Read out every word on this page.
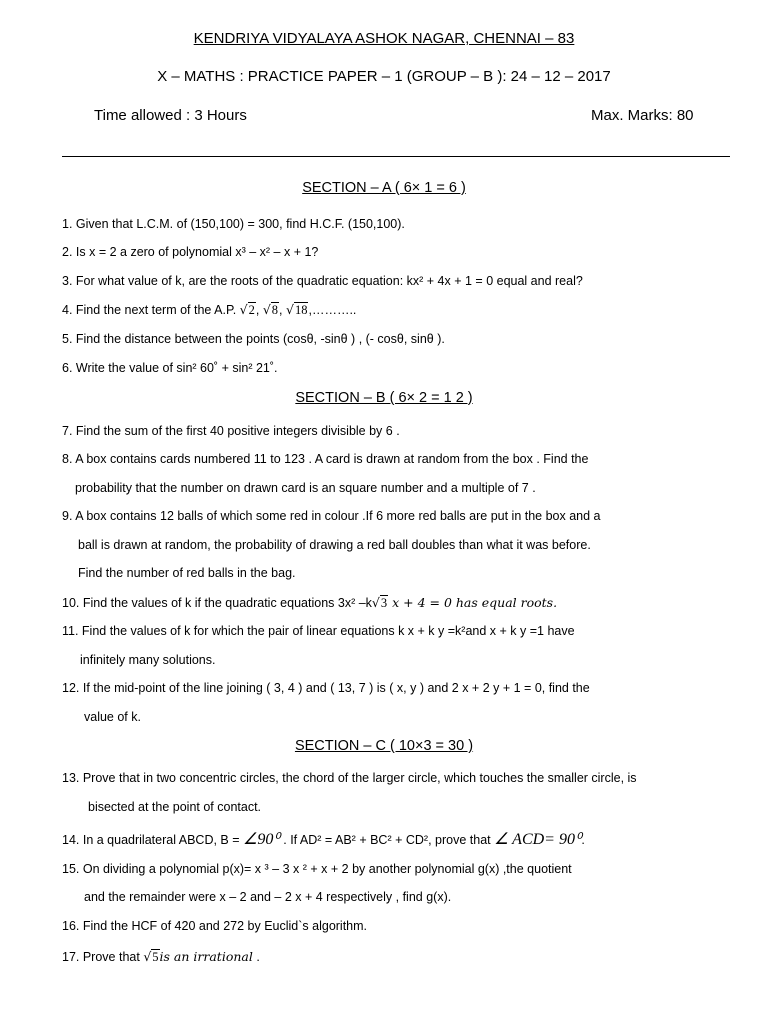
KENDRIYA VIDYALAYA ASHOK NAGAR, CHENNAI – 83
X – MATHS : PRACTICE PAPER – 1 (GROUP – B ): 24 – 12 – 2017
Time allowed : 3 Hours	Max. Marks: 80
SECTION – A ( 6× 1 = 6 )
1. Given that L.C.M. of (150,100) = 300, find H.C.F. (150,100).
2. Is x = 2 a zero of polynomial x³ – x² – x + 1?
3. For what value of k, are the roots of the quadratic equation: kx² + 4x + 1 = 0 equal and real?
4. Find the next term of the A.P. √2, √8, √18,………..
5. Find the distance between the points (cosθ, -sinθ ) , (- cosθ, sinθ ).
6. Write the value of sin² 60˚ + sin² 21˚.
SECTION – B ( 6× 2 = 1 2 )
7. Find the sum of the first 40 positive integers divisible by 6 .
8. A box contains cards numbered 11 to 123 . A card is drawn at random from the box . Find the
probability that the number on drawn card is an square number and a multiple of 7 .
9. A box contains 12 balls of which some red in colour .If 6 more red balls are put in the box and a
ball is drawn at random, the probability of drawing a red ball doubles than what it was before.
Find the number of red balls in the bag.
10. Find the values of k if the quadratic equations 3x² –k√3 x + 4 = 0 has equal roots.
11. Find the values of k for which the pair of linear equations k x + k y =k²and x + k y =1 have
infinitely many solutions.
12. If the mid-point of the line joining ( 3, 4 ) and ( 13, 7 ) is ( x, y ) and 2 x + 2 y + 1 = 0, find the
value of k.
SECTION – C ( 10×3 = 30 )
13. Prove that in two concentric circles, the chord of the larger circle, which touches the smaller circle, is
bisected at the point of contact.
14. In a quadrilateral ABCD, B = ∠90⁰ . If AD² = AB² + BC² + CD², prove that ∠ ACD= 90⁰.
15. On dividing a polynomial p(x)= x ³ – 3 x ² + x + 2 by another polynomial g(x) ,the quotient
and the remainder were x – 2 and – 2 x + 4 respectively , find g(x).
16. Find the HCF of 420 and 272 by Euclid`s algorithm.
17. Prove that √5is an irrational .
